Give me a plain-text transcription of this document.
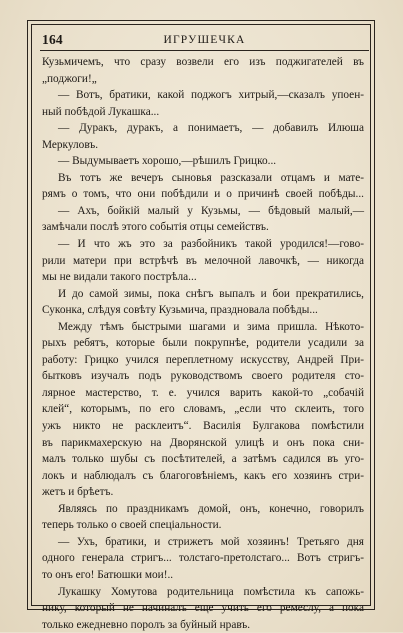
164	ИГРУШЕЧКА
Кузьмичемъ, что сразу возвели его изъ поджигателей въ
„поджоги!„
— Вотъ, братики, какой поджогъ хитрый,—сказалъ упоен-
ный побѣдой Лукашка...
— Дуракъ, дуракъ, а понимаетъ, — добавилъ Илюша
Меркуловъ.
— Выдумываетъ хорошо,—рѣшилъ Грицко...
Въ тотъ же вечеръ сыновья разсказали отцамъ и мате-
рямъ о томъ, что они побѣдили и о причинѣ своей побѣды...
— Ахъ, бойкій малый у Кузьмы, — бѣдовый малый,—
замѣчали послѣ этого событія отцы семействъ.
— И что жъ это за разбойникъ такой уродился!—гово-
рили матери при встрѣчѣ въ мелочной лавочкѣ, — никогда
мы не видали такого пострѣла...
И до самой зимы, пока снѣгъ выпалъ и бои прекратились,
Суконка, слѣдуя совѣту Кузьмича, праздновала побѣды...
Между тѣмъ быстрыми шагами и зима пришла. Нѣкото-
рыхъ ребятъ, которые были покрупнѣе, родители усадили за
работу: Грицко учился переплетному искусству, Андрей При-
бытковъ изучалъ подъ руководствомъ своего родителя сто-
лярное мастерство, т. е. учился варить какой-то „собачій
клей“, которымъ, по его словамъ, „если что склеить, того
ужъ никто не расклеитъ“. Василія Булгакова помѣстили
въ парикмахерскую на Дворянской улицѣ и онъ пока сни-
малъ только шубы съ посѣтителей, а затѣмъ садился въ уго-
локъ и наблюдалъ съ благоговѣніемъ, какъ его хозяинъ стри-
жетъ и брѣетъ.
Являясь по праздникамъ домой, онъ, конечно, говорилъ
теперь только о своей спеціальности.
— Ухъ, братики, и стрижетъ мой хозяинъ! Третьяго дня
одного генерала стригъ... толстаго-претолстаго... Вотъ стригъ-
то онъ его! Батюшки мои!..
Лукашку Хомутова родительница помѣстила къ сапожь-
нику, который не начиналъ еще учить его ремеслу, а пока
только ежедневно поролъ за буйный нравъ.
